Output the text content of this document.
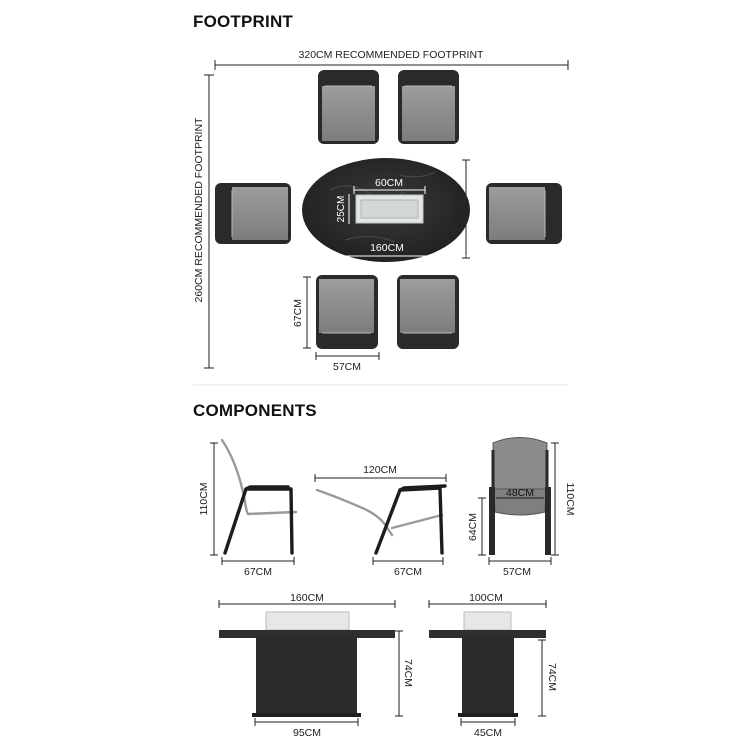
FOOTPRINT
COMPONENTS
320CM RECOMMENDED FOOTPRINT
260CM RECOMMENDED FOOTPRINT	60CM
25CM	100CM
160CM
67CM
57CM
110CM
67CM
120CM
67CM
48CM	110CM
64CM
57CM
160CM
74CM
95CM
100CM
74CM
45CM
